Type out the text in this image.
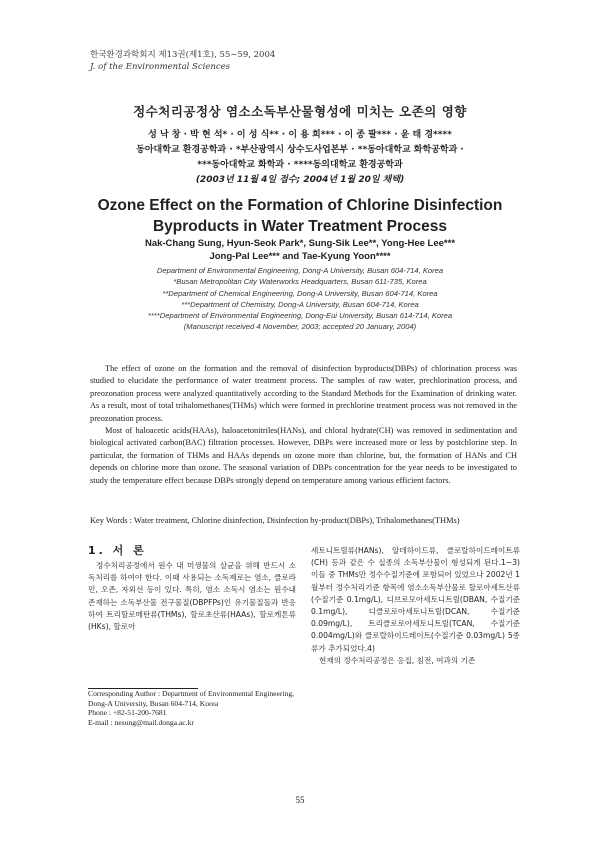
한국환경과학회지 제13권(제1호), 55~59, 2004
J. of the Environmental Sciences
정수처리공정상 염소소독부산물형성에 미치는 오존의 영향
성 낙 창 · 박 현 석* · 이 성 식** · 이 용 희*** · 이 종 팔*** · 윤 태 경****
동아대학교 환경공학과 · *부산광역시 상수도사업본부 · **동아대학교 화학공학과 ·
***동아대학교 화학과 · ****동의대학교 환경공학과
(2003년 11월 4일 접수; 2004년 1월 20일 채택)
Ozone Effect on the Formation of Chlorine Disinfection
Byproducts in Water Treatment Process
Nak-Chang Sung, Hyun-Seok Park*, Sung-Sik Lee**, Yong-Hee Lee***
Jong-Pal Lee*** and Tae-Kyung Yoon****
Department of Environmental Engineering, Dong-A University, Busan 604-714, Korea
*Busan Metropolitan City Waterworks Headquarters, Busan 611-735, Korea
**Department of Chemical Engineering, Dong-A University, Busan 604-714, Korea
***Department of Chemistry, Dong-A University, Busan 604-714, Korea
****Department of Environmental Engineering, Dong-Eui University, Busan 614-714, Korea
(Manuscript received 4 November, 2003; accepted 20 January, 2004)

The effect of ozone on the formation and the removal of disinfection byproducts(DBPs) of chlorination process was studied to elucidate the performance of water treatment process. The samples of raw water, prechlorination process, and preozonation process were analyzed quantitatively according to the Standard Methods for the Examination of drinking water. As a result, most of total trihalomethanes(THMs) which were formed in prechlorine treatment process was not removed in the preozonation process.

Most of haloacetic acids(HAAs), haloacetonitriles(HANs), and chloral hydrate(CH) was removed in sedimentation and biological activated carbon(BAC) filtration processes. However, DBPs were increased more or less by postchlorine step. In particular, the formation of THMs and HAAs depends on ozone more than chlorine, but, the formation of HANs and CH depends on chlorine more than ozone. The seasonal variation of DBPs concentration for the year needs to be investigated to study the temperature effect because DBPs strongly depend on temperature among various efficient factors.

Key Words : Water treatment, Chlorine disinfection, Disinfection by-product(DBPs), Trihalomethanes(THMs)
1. 서 론

정수처리공정에서 원수 내 미생물의 살균을 위해 반드시 소독처리를 하여야 한다. 이때 사용되는 소독제로는 염소, 클로라민, 오존, 자외선 등이 있다. 특히, 염소 소독시 염소는 원수내 존재하는 소독부산물 전구물질(DBPFPs)인 유기물질들과 반응하여 트리할로메탄류(THMs), 할로초산류(HAAs), 할로케톤류(HKs), 할로아

세토니트릴류(HANs), 알데하이드류, 클로랄하이드레이트류(CH) 등과 같은 수 십종의 소독부산물이 형성되게 된다.1~3) 이들 중 THMs만 정수수질기준에 포함되어 있었으나 2002년 1월부터 정수처리기준 항목에 염소소독부산물로 할로아세트산류(수질기준 0.1mg/L), 디브로모아세토니트릴(DBAN, 수질기준 0.1mg/L), 디클로로아세토니트릴(DCAN, 수질기준 0.09mg/L), 트리클로로아세토니트릴(TCAN, 수질기준 0.004mg/L)와 클로랄하이드레이트(수질기준 0.03mg/L) 5종류가 추가되었다.4)

현재의 정수처리공정은 응집, 침전, 여과의 기존

Corresponding Author : Department of Environmental Engineering, Dong-A University, Busan 604-714, Korea
Phone : +82-51-200-7681
E-mail : nesung@mail.donga.ac.kr
55
